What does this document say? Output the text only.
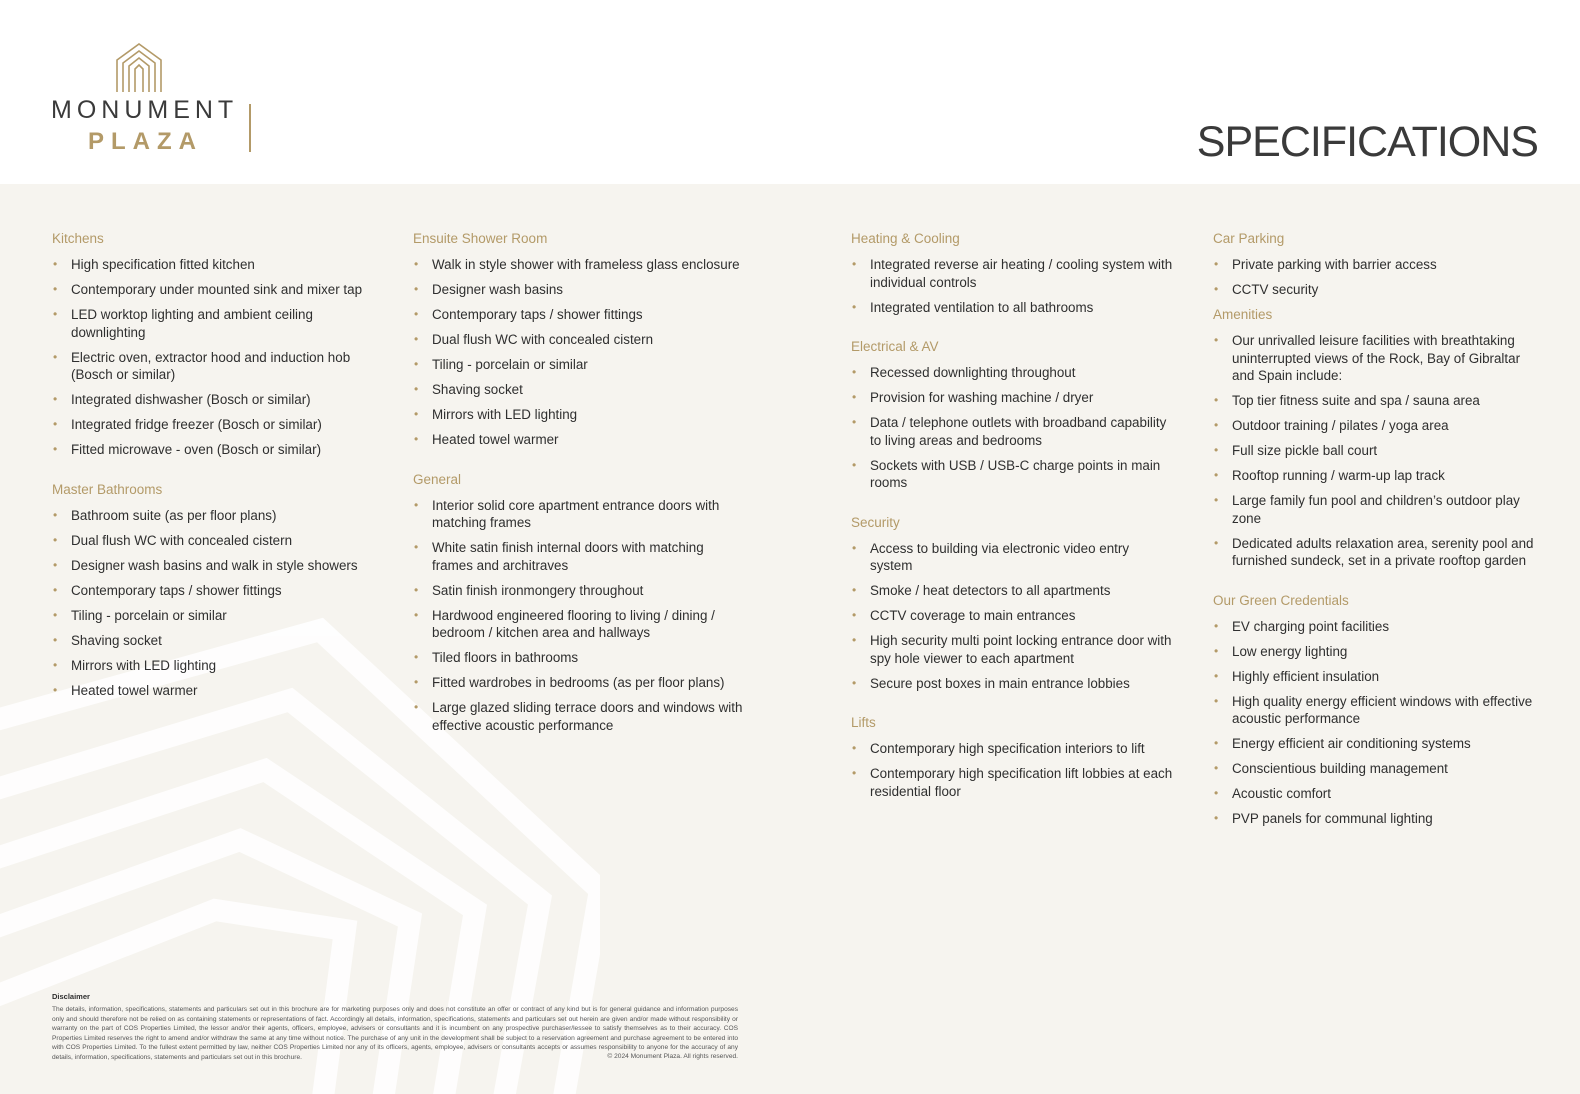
MONUMENT
PLAZA	SPECIFICATIONS
Kitchens
• High specification fitted kitchen
• Contemporary under mounted sink and mixer tap
• LED worktop lighting and ambient ceiling downlighting
• Electric oven, extractor hood and induction hob (Bosch or similar)
• Integrated dishwasher (Bosch or similar)
• Integrated fridge freezer (Bosch or similar)
• Fitted microwave - oven (Bosch or similar)
Master Bathrooms
• Bathroom suite (as per floor plans)
• Dual flush WC with concealed cistern
• Designer wash basins and walk in style showers
• Contemporary taps / shower fittings
• Tiling - porcelain or similar
• Shaving socket
• Mirrors with LED lighting
• Heated towel warmer
Ensuite Shower Room
• Walk in style shower with frameless glass enclosure
• Designer wash basins
• Contemporary taps / shower fittings
• Dual flush WC with concealed cistern
• Tiling - porcelain or similar
• Shaving socket
• Mirrors with LED lighting
• Heated towel warmer
General
• Interior solid core apartment entrance doors with matching frames
• White satin finish internal doors with matching frames and architraves
• Satin finish ironmongery throughout
• Hardwood engineered flooring to living / dining / bedroom / kitchen area and hallways
• Tiled floors in bathrooms
• Fitted wardrobes in bedrooms (as per floor plans)
• Large glazed sliding terrace doors and windows with effective acoustic performance
Heating & Cooling
• Integrated reverse air heating / cooling system with individual controls
• Integrated ventilation to all bathrooms
Electrical & AV
• Recessed downlighting throughout
• Provision for washing machine / dryer
• Data / telephone outlets with broadband capability to living areas and bedrooms
• Sockets with USB / USB-C charge points in main rooms
Security
• Access to building via electronic video entry system
• Smoke / heat detectors to all apartments
• CCTV coverage to main entrances
• High security multi point locking entrance door with spy hole viewer to each apartment
• Secure post boxes in main entrance lobbies
Lifts
• Contemporary high specification interiors to lift
• Contemporary high specification lift lobbies at each residential floor
Car Parking
• Private parking with barrier access
• CCTV security
Amenities
• Our unrivalled leisure facilities with breathtaking uninterrupted views of the Rock, Bay of Gibraltar and Spain include:
• Top tier fitness suite and spa / sauna area
• Outdoor training / pilates / yoga area
• Full size pickle ball court
• Rooftop running / warm-up lap track
• Large family fun pool and children’s outdoor play zone
• Dedicated adults relaxation area, serenity pool and furnished sundeck, set in a private rooftop garden
Our Green Credentials
• EV charging point facilities
• Low energy lighting
• Highly efficient insulation
• High quality energy efficient windows with effective acoustic performance
• Energy efficient air conditioning systems
• Conscientious building management
• Acoustic comfort
• PVP panels for communal lighting
Disclaimer

The details, information, specifications, statements and particulars set out in this brochure are for marketing purposes only and does not constitute an offer or contract of any kind but is for general guidance and information purposes only and should therefore not be relied on as containing statements or representations of fact. Accordingly all details, information, specifications, statements and particulars set out herein are given and/or made without responsibility or warranty on the part of COS Properties Limited, the lessor and/or their agents, officers, employee, advisers or consultants and it is incumbent on any prospective purchaser/lessee to satisfy themselves as to their accuracy. COS Properties Limited reserves the right to amend and/or withdraw the same at any time without notice. The purchase of any unit in the development shall be subject to a reservation agreement and purchase agreement to be entered into with COS Properties Limited. To the fullest extent permitted by law, neither COS Properties Limited nor any of its officers, agents, employee, advisers or consultants accepts or assumes responsibility to anyone for the accuracy of any details, information, specifications, statements and particulars set out in this brochure.	© 2024 Monument Plaza. All rights reserved.
